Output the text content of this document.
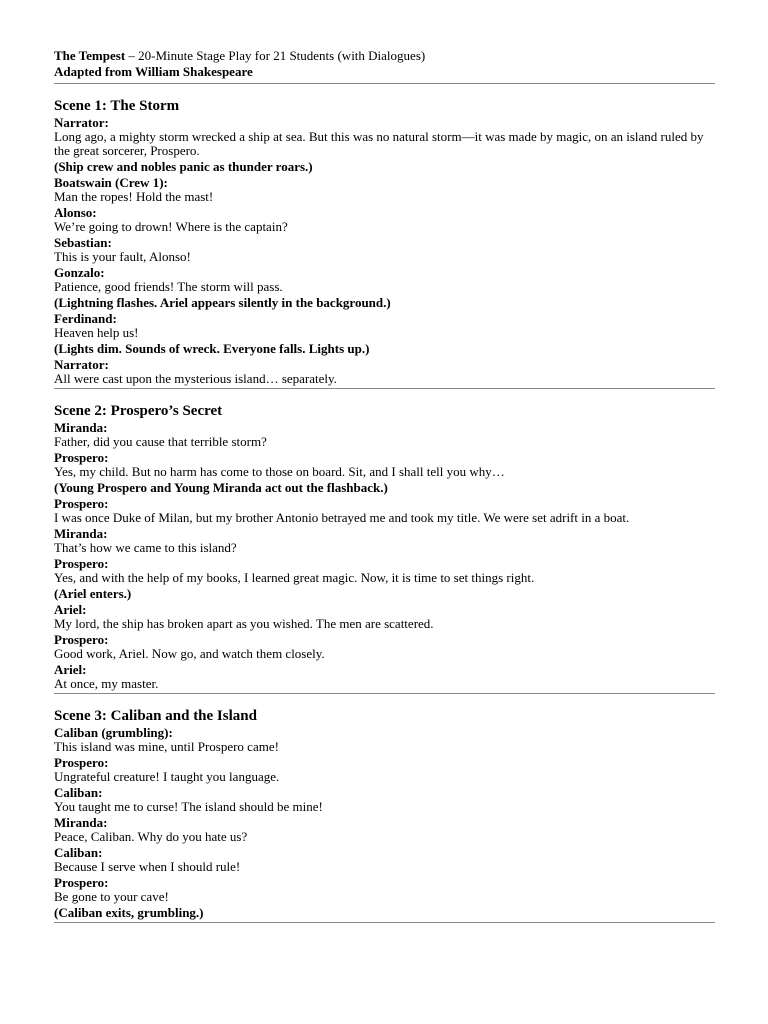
The Tempest – 20-Minute Stage Play for 21 Students (with Dialogues)
Adapted from William Shakespeare
Scene 1: The Storm
Narrator:
Long ago, a mighty storm wrecked a ship at sea. But this was no natural storm—it was made by magic, on an island ruled by the great sorcerer, Prospero.
(Ship crew and nobles panic as thunder roars.)
Boatswain (Crew 1):
Man the ropes! Hold the mast!
Alonso:
We’re going to drown! Where is the captain?
Sebastian:
This is your fault, Alonso!
Gonzalo:
Patience, good friends! The storm will pass.
(Lightning flashes. Ariel appears silently in the background.)
Ferdinand:
Heaven help us!
(Lights dim. Sounds of wreck. Everyone falls. Lights up.)
Narrator:
All were cast upon the mysterious island… separately.
Scene 2: Prospero’s Secret
Miranda:
Father, did you cause that terrible storm?
Prospero:
Yes, my child. But no harm has come to those on board. Sit, and I shall tell you why…
(Young Prospero and Young Miranda act out the flashback.)
Prospero:
I was once Duke of Milan, but my brother Antonio betrayed me and took my title. We were set adrift in a boat.
Miranda:
That’s how we came to this island?
Prospero:
Yes, and with the help of my books, I learned great magic. Now, it is time to set things right.
(Ariel enters.)
Ariel:
My lord, the ship has broken apart as you wished. The men are scattered.
Prospero:
Good work, Ariel. Now go, and watch them closely.
Ariel:
At once, my master.
Scene 3: Caliban and the Island
Caliban (grumbling):
This island was mine, until Prospero came!
Prospero:
Ungrateful creature! I taught you language.
Caliban:
You taught me to curse! The island should be mine!
Miranda:
Peace, Caliban. Why do you hate us?
Caliban:
Because I serve when I should rule!
Prospero:
Be gone to your cave!
(Caliban exits, grumbling.)
